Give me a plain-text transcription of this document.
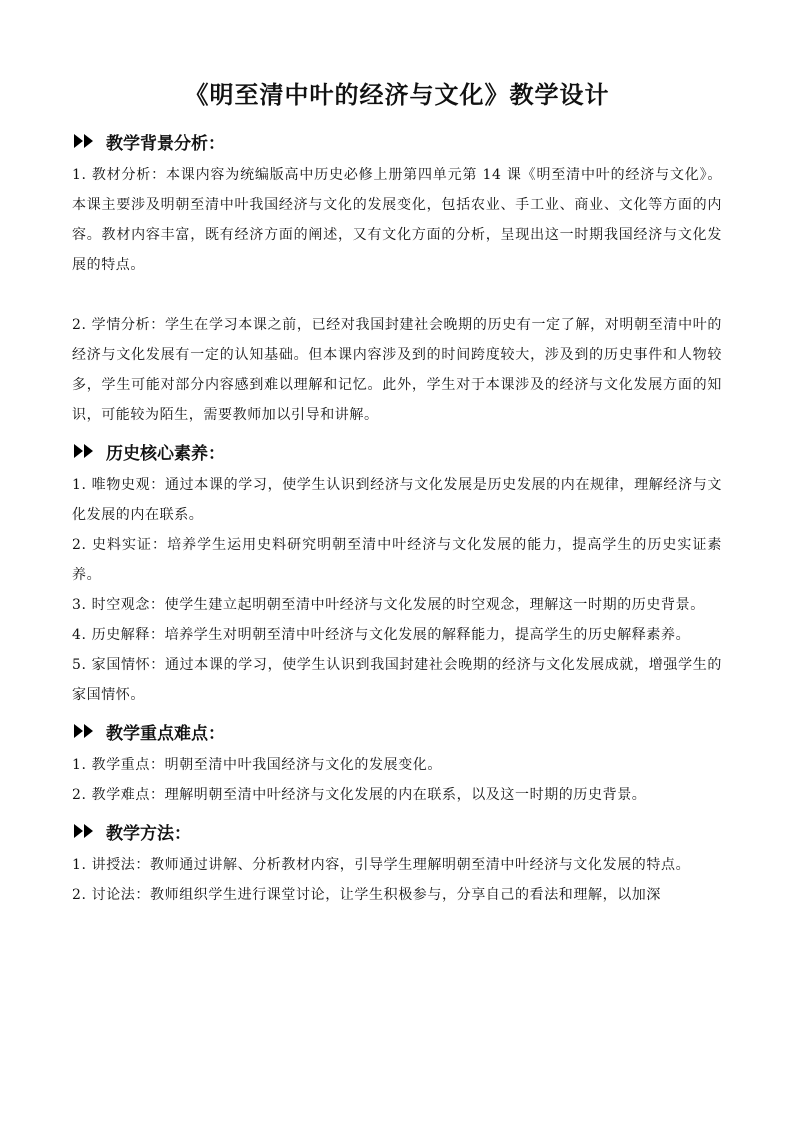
《明至清中叶的经济与文化》教学设计
教学背景分析：

1. 教材分析：本课内容为统编版高中历史必修上册第四单元第 14 课《明至清中叶的经济与文化》。本课主要涉及明朝至清中叶我国经济与文化的发展变化，包括农业、手工业、商业、文化等方面的内容。教材内容丰富，既有经济方面的阐述，又有文化方面的分析，呈现出这一时期我国经济与文化发展的特点。

2. 学情分析：学生在学习本课之前，已经对我国封建社会晚期的历史有一定了解，对明朝至清中叶的经济与文化发展有一定的认知基础。但本课内容涉及到的时间跨度较大，涉及到的历史事件和人物较多，学生可能对部分内容感到难以理解和记忆。此外，学生对于本课涉及的经济与文化发展方面的知识，可能较为陌生，需要教师加以引导和讲解。

历史核心素养：

1. 唯物史观：通过本课的学习，使学生认识到经济与文化发展是历史发展的内在规律，理解经济与文化发展的内在联系。

2. 史料实证：培养学生运用史料研究明朝至清中叶经济与文化发展的能力，提高学生的历史实证素养。

3. 时空观念：使学生建立起明朝至清中叶经济与文化发展的时空观念，理解这一时期的历史背景。

4. 历史解释：培养学生对明朝至清中叶经济与文化发展的解释能力，提高学生的历史解释素养。

5. 家国情怀：通过本课的学习，使学生认识到我国封建社会晚期的经济与文化发展成就，增强学生的家国情怀。

教学重点难点：

1. 教学重点：明朝至清中叶我国经济与文化的发展变化。

2. 教学难点：理解明朝至清中叶经济与文化发展的内在联系，以及这一时期的历史背景。

教学方法：

1. 讲授法：教师通过讲解、分析教材内容，引导学生理解明朝至清中叶经济与文化发展的特点。

2. 讨论法：教师组织学生进行课堂讨论，让学生积极参与，分享自己的看法和理解，以加深
